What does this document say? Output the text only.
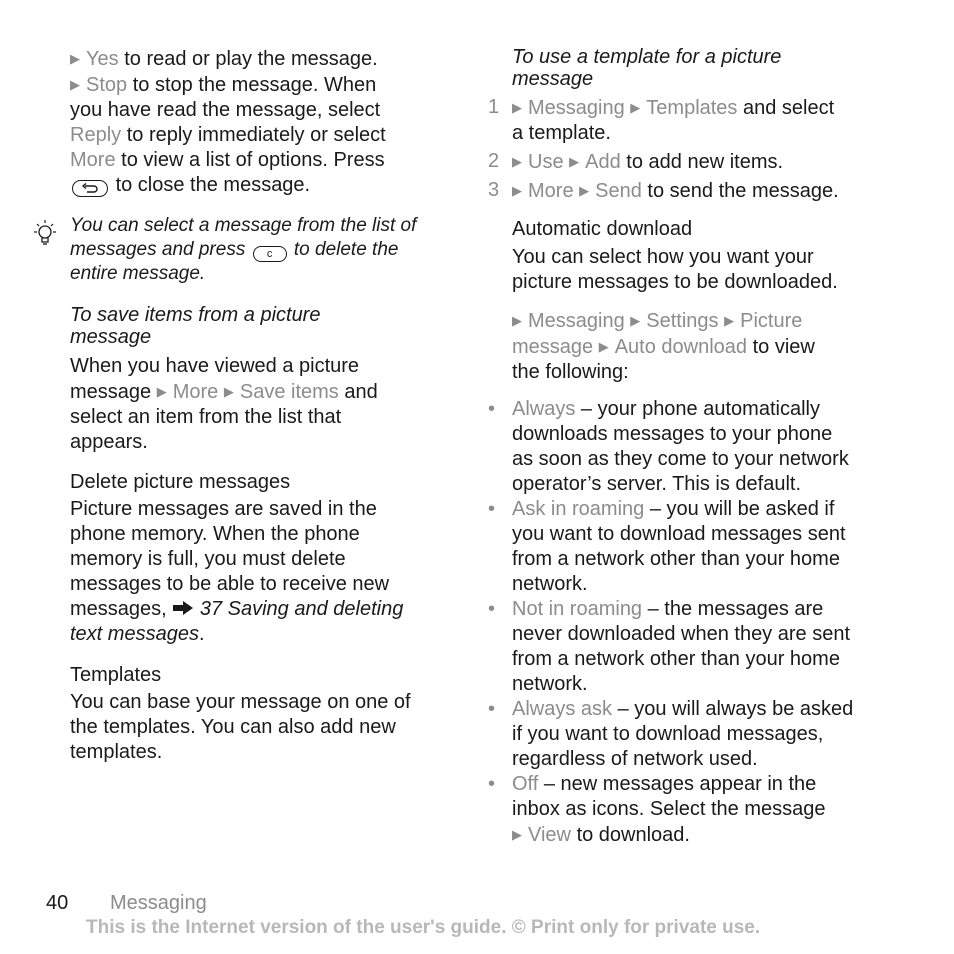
▶ Yes to read or play the message.
▶ Stop to stop the message. When
you have read the message, select
Reply to reply immediately or select
More to view a list of options. Press
to close the message.
You can select a message from the list of
messages and press c to delete the
entire message.
To save items from a picture message
When you have viewed a picture
message ▶ More ▶ Save items and
select an item from the list that
appears.
Delete picture messages
Picture messages are saved in the
phone memory. When the phone
memory is full, you must delete
messages to be able to receive new
messages, 37 Saving and deleting
text messages.
Templates
You can base your message on one of
the templates. You can also add new
templates.
To use a template for a picture message
1 ▶ Messaging ▶ Templates and select
a template.
2 ▶ Use ▶ Add to add new items.
3 ▶ More ▶ Send to send the message.
Automatic download
You can select how you want your
picture messages to be downloaded.
▶ Messaging ▶ Settings ▶ Picture
message ▶ Auto download to view
the following:
• Always – your phone automatically
downloads messages to your phone
as soon as they come to your network
operator’s server. This is default.
• Ask in roaming – you will be asked if
you want to download messages sent
from a network other than your home
network.
• Not in roaming – the messages are
never downloaded when they are sent
from a network other than your home
network.
• Always ask – you will always be asked
if you want to download messages,
regardless of network used.
• Off – new messages appear in the
inbox as icons. Select the message
▶ View to download.
40 Messaging
This is the Internet version of the user's guide. © Print only for private use.
